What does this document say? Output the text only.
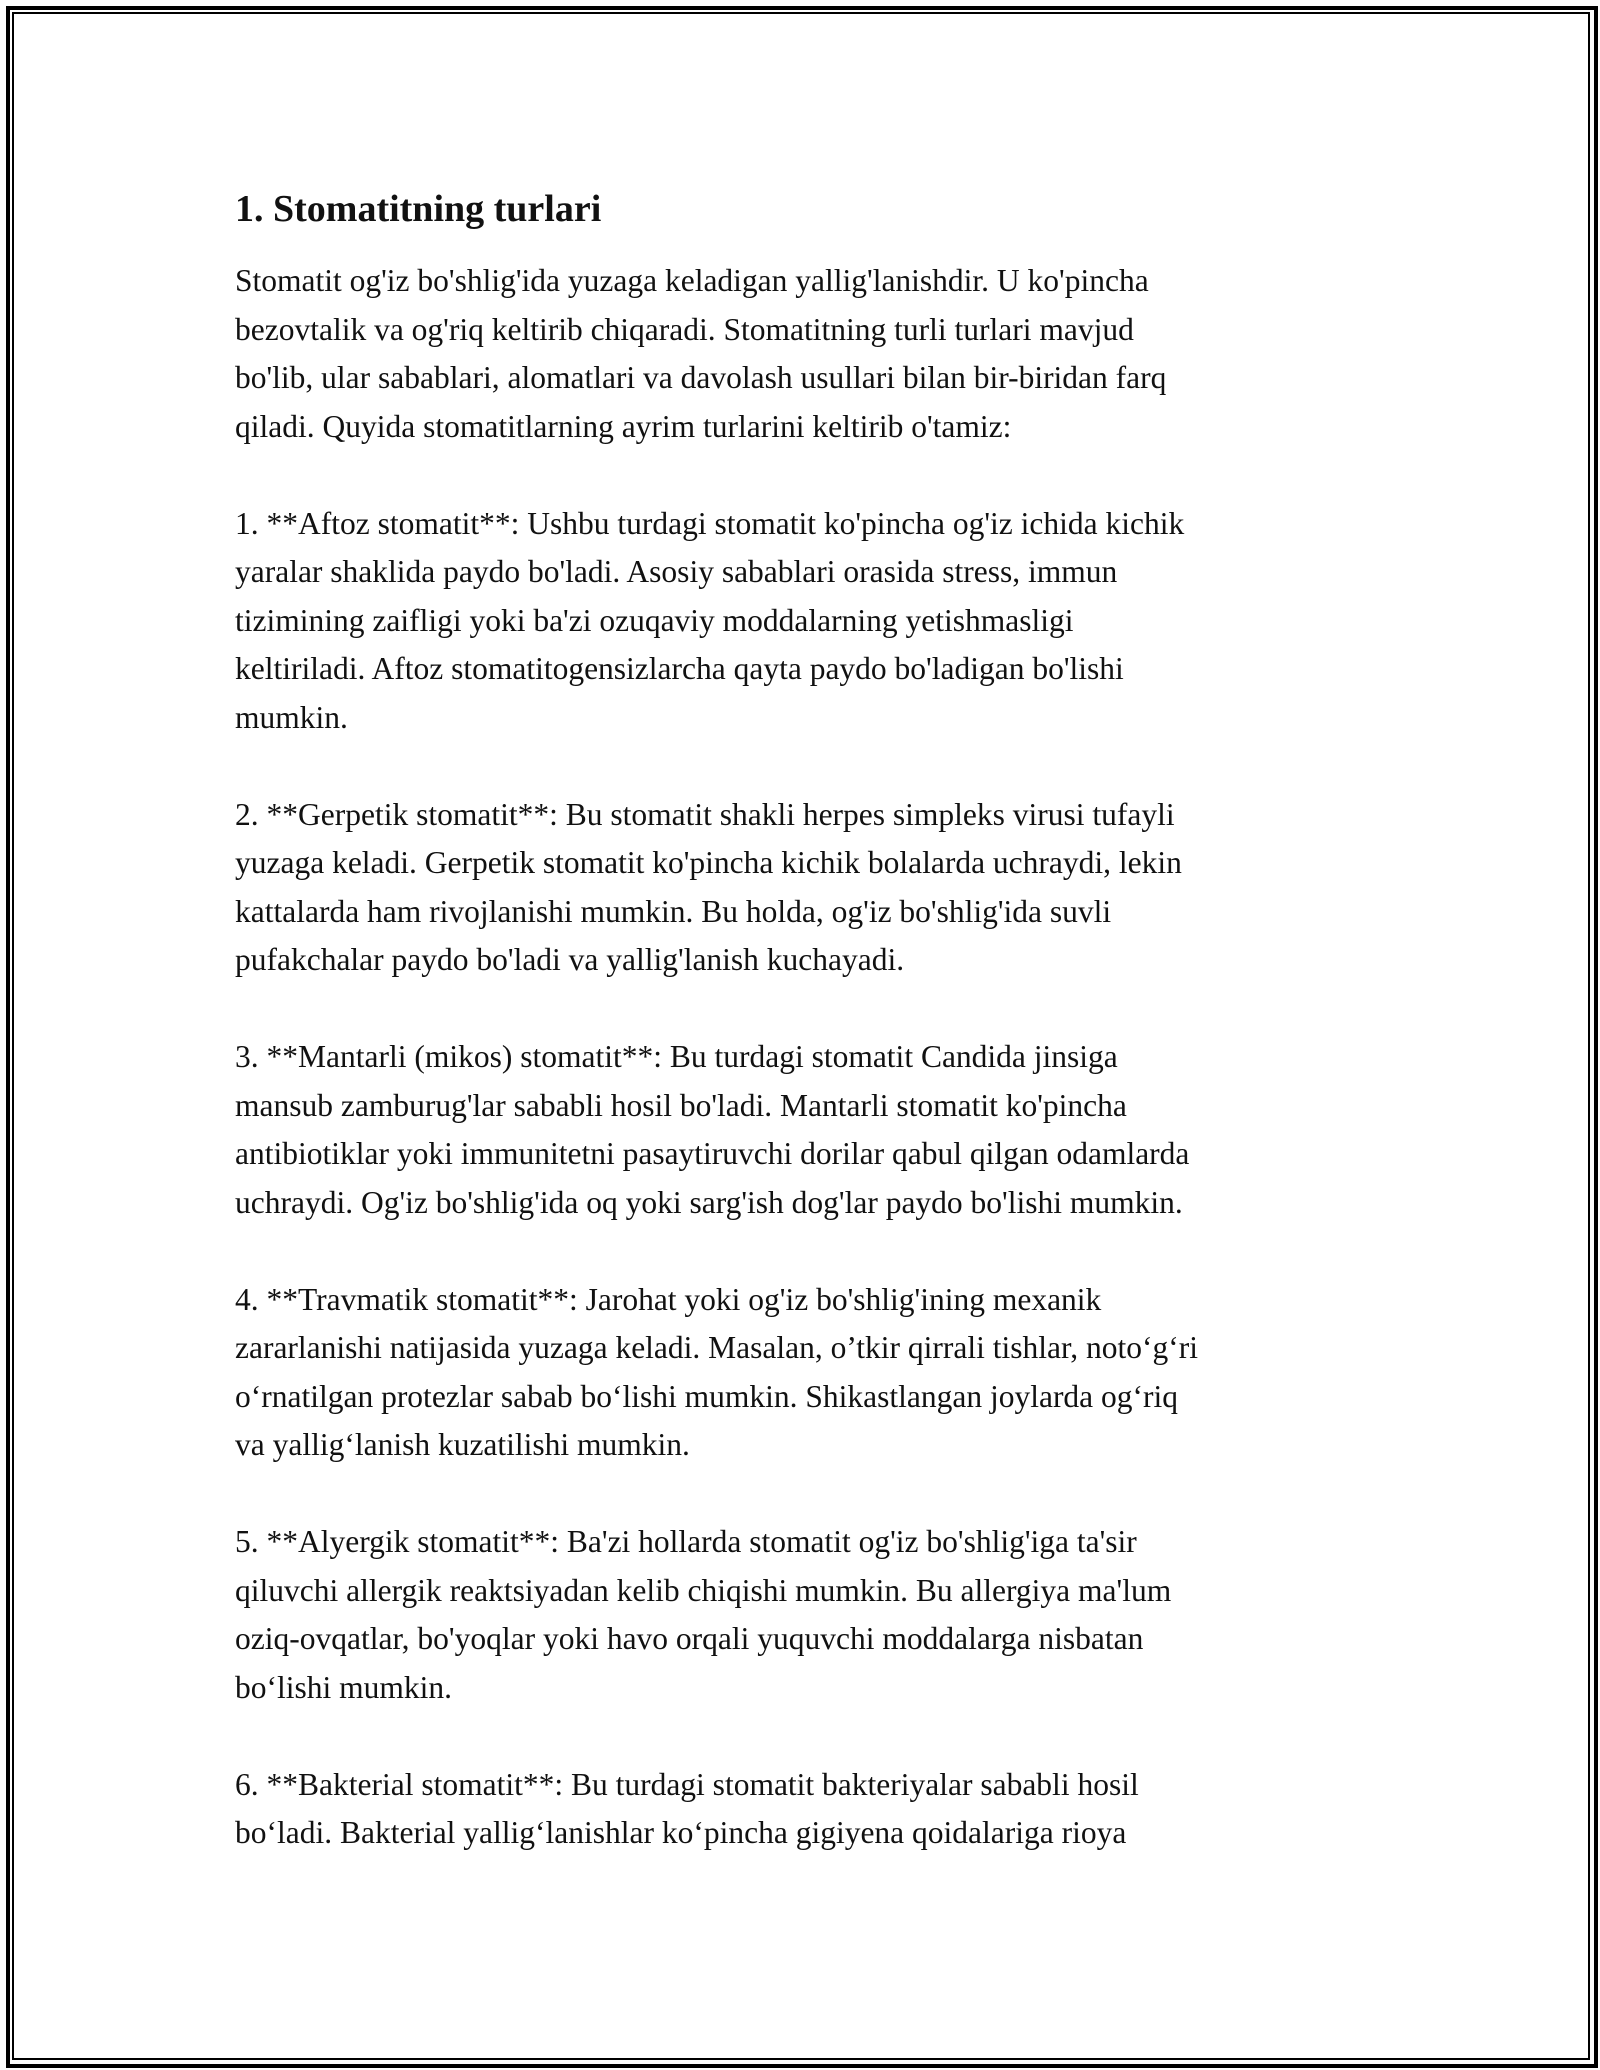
1. Stomatitning turlari
Stomatit og'iz bo'shlig'ida yuzaga keladigan yallig'lanishdir. U ko'pincha
bezovtalik va og'riq keltirib chiqaradi. Stomatitning turli turlari mavjud
bo'lib, ular sabablari, alomatlari va davolash usullari bilan bir-biridan farq
qiladi. Quyida stomatitlarning ayrim turlarini keltirib o'tamiz:
1. **Aftoz stomatit**: Ushbu turdagi stomatit ko'pincha og'iz ichida kichik
yaralar shaklida paydo bo'ladi. Asosiy sabablari orasida stress, immun
tizimining zaifligi yoki ba'zi ozuqaviy moddalarning yetishmasligi
keltiriladi. Aftoz stomatitogensizlarcha qayta paydo bo'ladigan bo'lishi
mumkin.
2. **Gerpetik stomatit**: Bu stomatit shakli herpes simpleks virusi tufayli
yuzaga keladi. Gerpetik stomatit ko'pincha kichik bolalarda uchraydi, lekin
kattalarda ham rivojlanishi mumkin. Bu holda, og'iz bo'shlig'ida suvli
pufakchalar paydo bo'ladi va yallig'lanish kuchayadi.
3. **Mantarli (mikos) stomatit**: Bu turdagi stomatit Candida jinsiga
mansub zamburug'lar sababli hosil bo'ladi. Mantarli stomatit ko'pincha
antibiotiklar yoki immunitetni pasaytiruvchi dorilar qabul qilgan odamlarda
uchraydi. Og'iz bo'shlig'ida oq yoki sarg'ish dog'lar paydo bo'lishi mumkin.
4. **Travmatik stomatit**: Jarohat yoki og'iz bo'shlig'ining mexanik
zararlanishi natijasida yuzaga keladi. Masalan, o’tkir qirrali tishlar, noto‘g‘ri
o‘rnatilgan protezlar sabab bo‘lishi mumkin. Shikastlangan joylarda og‘riq
va yallig‘lanish kuzatilishi mumkin.
5. **Alyergik stomatit**: Ba'zi hollarda stomatit og'iz bo'shlig'iga ta'sir
qiluvchi allergik reaktsiyadan kelib chiqishi mumkin. Bu allergiya ma'lum
oziq-ovqatlar, bo'yoqlar yoki havo orqali yuquvchi moddalarga nisbatan
bo‘lishi mumkin.
6. **Bakterial stomatit**: Bu turdagi stomatit bakteriyalar sababli hosil
bo‘ladi. Bakterial yallig‘lanishlar ko‘pincha gigiyena qoidalariga rioya
